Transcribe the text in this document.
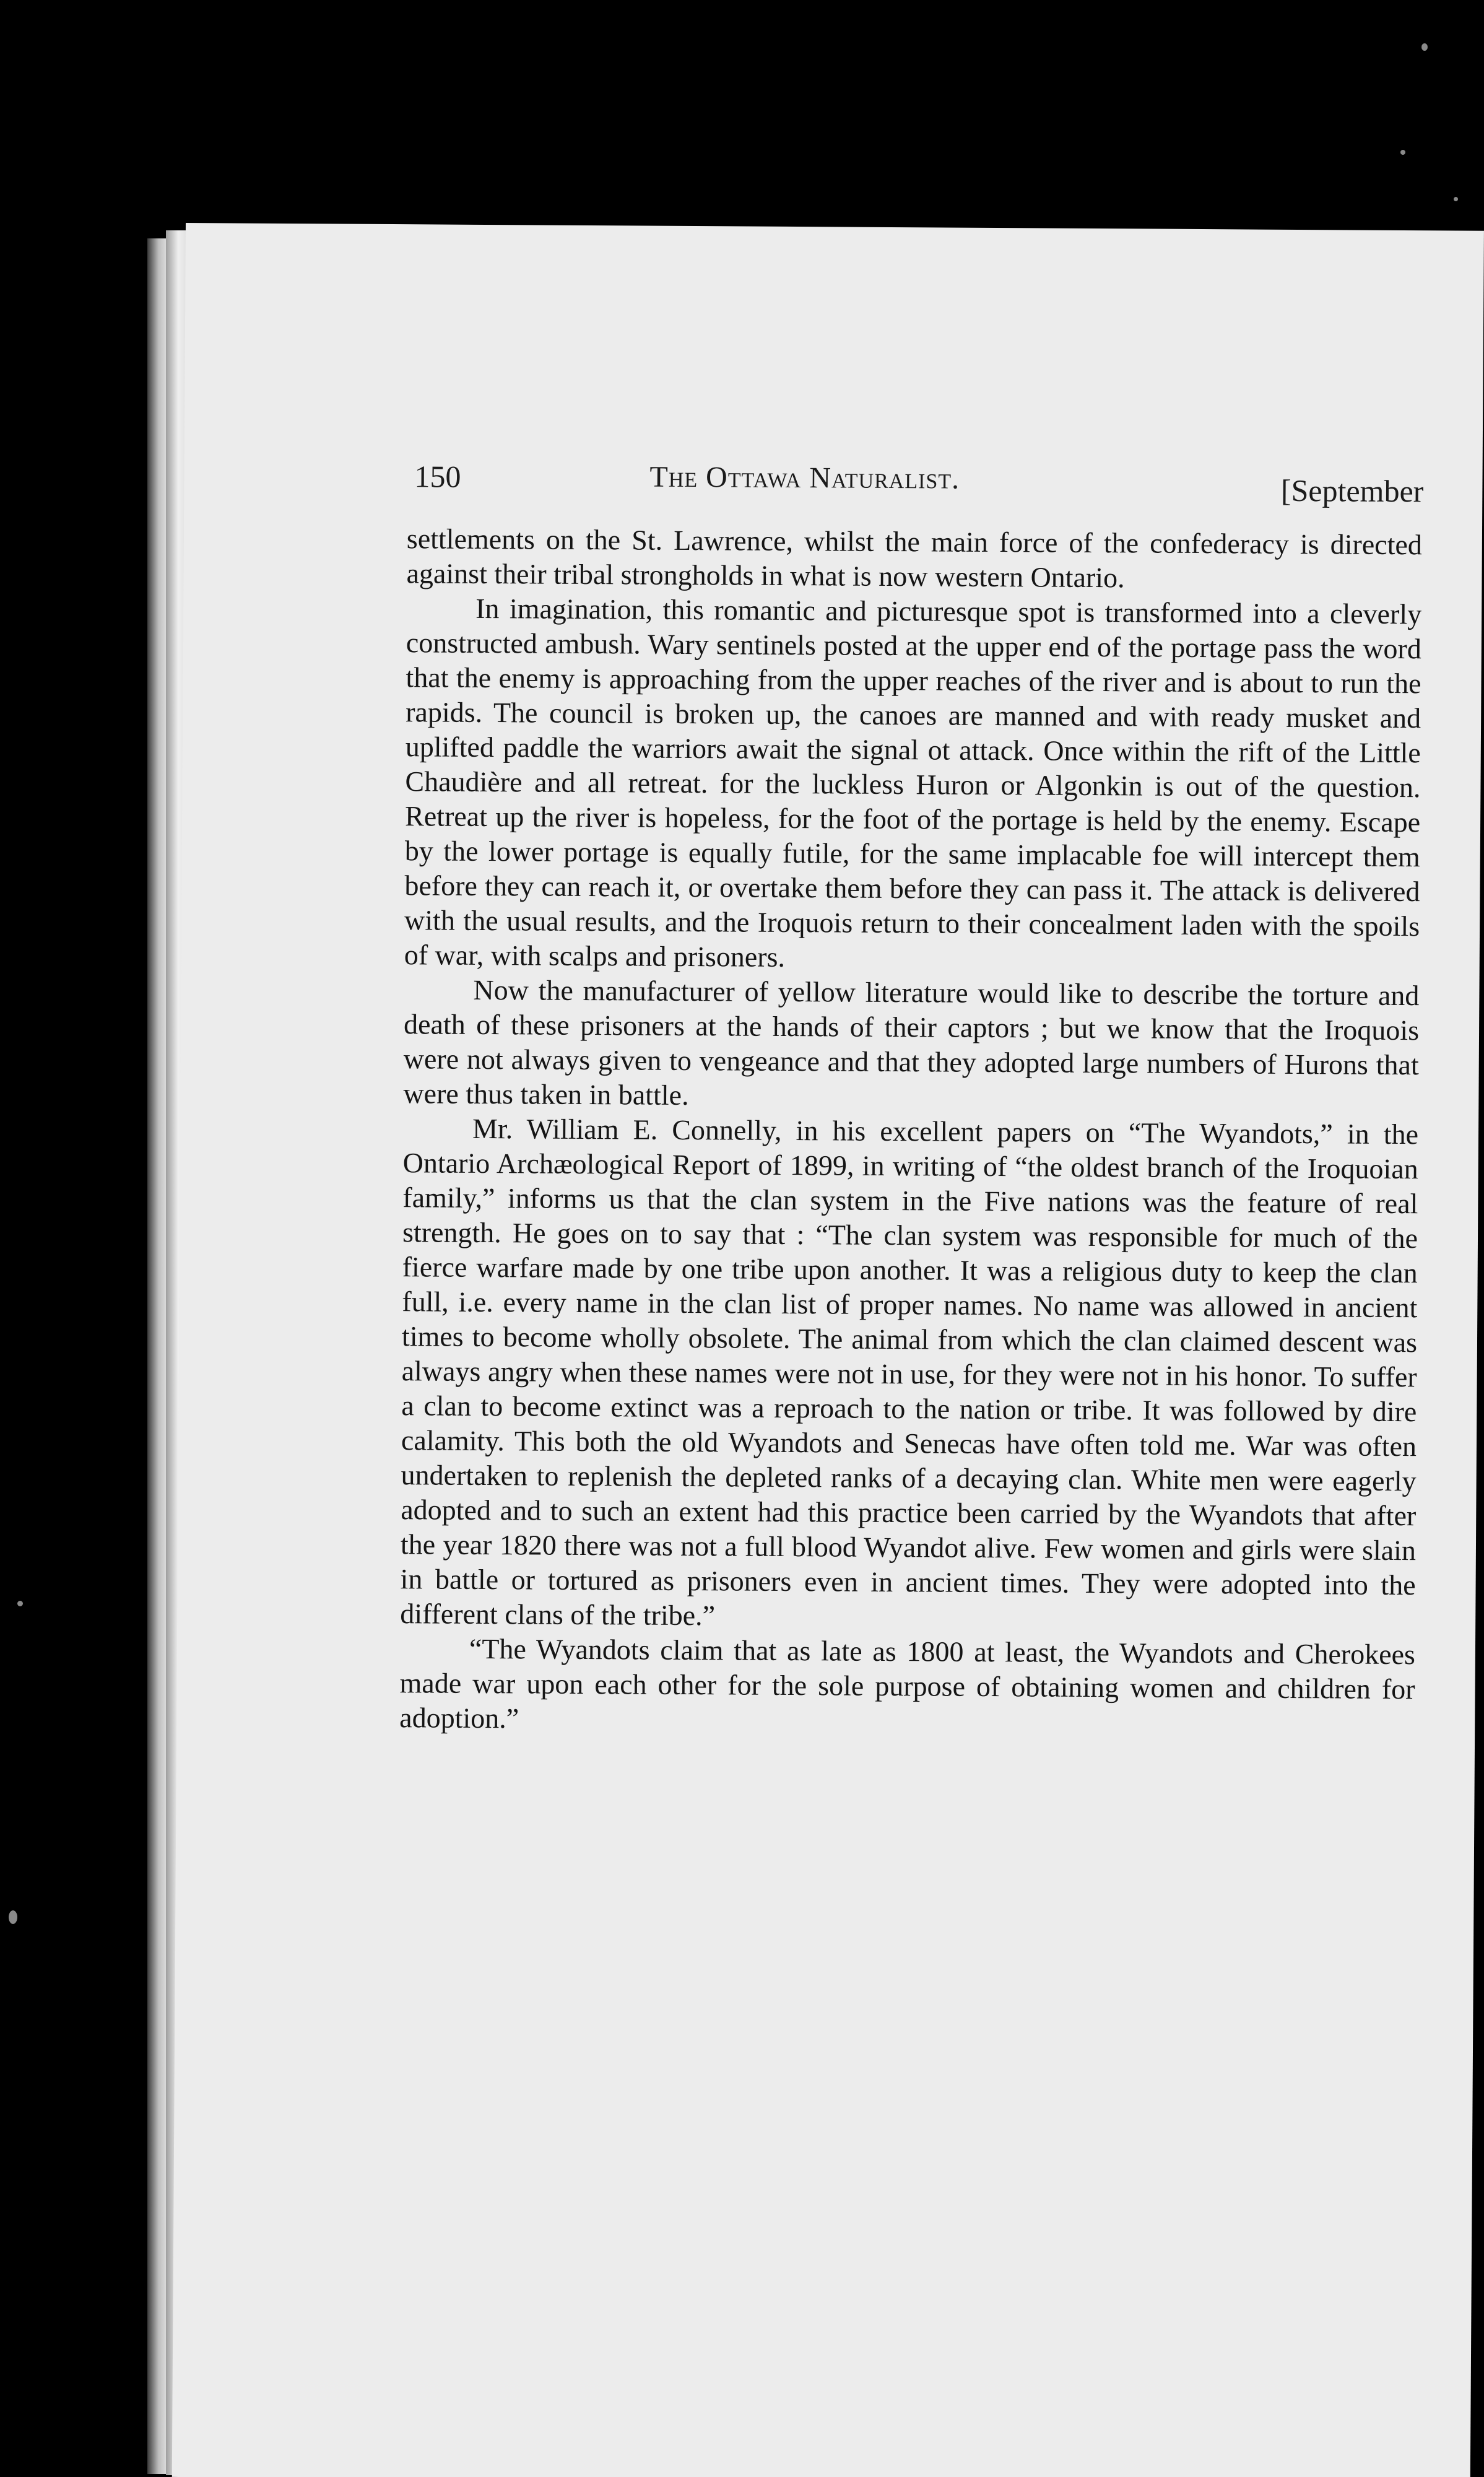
150	The Ottawa Naturalist.	[September

settlements on the St. Lawrence, whilst the main force of the confederacy is directed against their tribal strongholds in what is now western Ontario.

In imagination, this romantic and picturesque spot is transformed into a cleverly constructed ambush. Wary sentinels posted at the upper end of the portage pass the word that the enemy is approaching from the upper reaches of the river and is about to run the rapids. The council is broken up, the canoes are manned and with ready musket and uplifted paddle the warriors await the signal ot attack. Once within the rift of the Little Chaudière and all retreat. for the luckless Huron or Algonkin is out of the question. Retreat up the river is hopeless, for the foot of the portage is held by the enemy. Escape by the lower portage is equally futile, for the same implacable foe will intercept them before they can reach it, or overtake them before they can pass it. The attack is delivered with the usual results, and the Iroquois return to their concealment laden with the spoils of war, with scalps and prisoners.

Now the manufacturer of yellow literature would like to describe the torture and death of these prisoners at the hands of their captors ; but we know that the Iroquois were not always given to vengeance and that they adopted large numbers of Hurons that were thus taken in battle.

Mr. William E. Connelly, in his excellent papers on “The Wyandots,” in the Ontario Archæological Report of 1899, in writing of “the oldest branch of the Iroquoian family,” informs us that the clan system in the Five nations was the feature of real strength. He goes on to say that : “The clan system was responsible for much of the fierce warfare made by one tribe upon another. It was a religious duty to keep the clan full, i.e. every name in the clan list of proper names. No name was allowed in ancient times to become wholly obsolete. The animal from which the clan claimed descent was always angry when these names were not in use, for they were not in his honor. To suffer a clan to become extinct was a reproach to the nation or tribe. It was followed by dire calamity. This both the old Wyandots and Senecas have often told me. War was often undertaken to replenish the depleted ranks of a decaying clan. White men were eagerly adopted and to such an extent had this practice been carried by the Wyandots that after the year 1820 there was not a full blood Wyandot alive. Few women and girls were slain in battle or tortured as prisoners even in ancient times. They were adopted into the different clans of the tribe.”

“The Wyandots claim that as late as 1800 at least, the Wyandots and Cherokees made war upon each other for the sole purpose of obtaining women and children for adoption.”
